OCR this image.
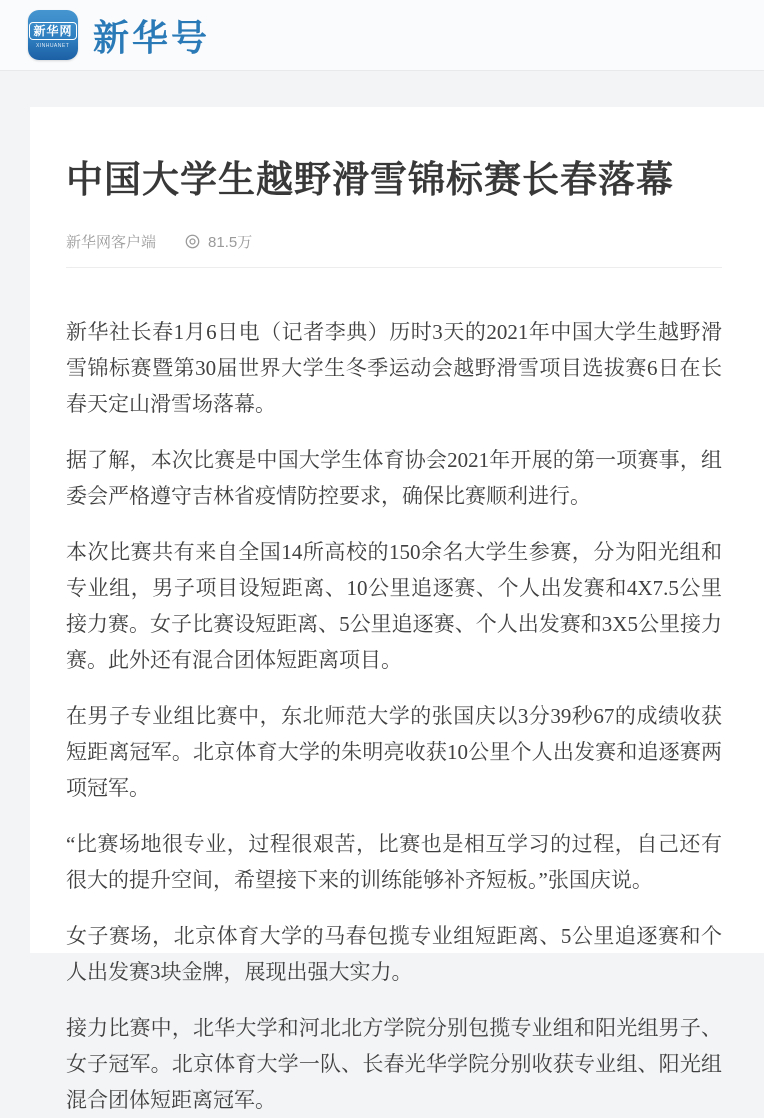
新华网
XINHUANET 新华号
中国大学生越野滑雪锦标赛长春落幕
新华网客户端	81.5万

新华社长春1月6日电（记者李典）历时3天的2021年中国大学生越野滑雪锦标赛暨第30届世界大学生冬季运动会越野滑雪项目选拔赛6日在长春天定山滑雪场落幕。

据了解，本次比赛是中国大学生体育协会2021年开展的第一项赛事，组委会严格遵守吉林省疫情防控要求，确保比赛顺利进行。

本次比赛共有来自全国14所高校的150余名大学生参赛，分为阳光组和专业组，男子项目设短距离、10公里追逐赛、个人出发赛和4X7.5公里接力赛。女子比赛设短距离、5公里追逐赛、个人出发赛和3X5公里接力赛。此外还有混合团体短距离项目。

在男子专业组比赛中，东北师范大学的张国庆以3分39秒67的成绩收获短距离冠军。北京体育大学的朱明亮收获10公里个人出发赛和追逐赛两项冠军。

“比赛场地很专业，过程很艰苦，比赛也是相互学习的过程，自己还有很大的提升空间，希望接下来的训练能够补齐短板。”张国庆说。

女子赛场，北京体育大学的马春包揽专业组短距离、5公里追逐赛和个人出发赛3块金牌，展现出强大实力。

接力比赛中，北华大学和河北北方学院分别包揽专业组和阳光组男子、女子冠军。北京体育大学一队、长春光华学院分别收获专业组、阳光组混合团体短距离冠军。
